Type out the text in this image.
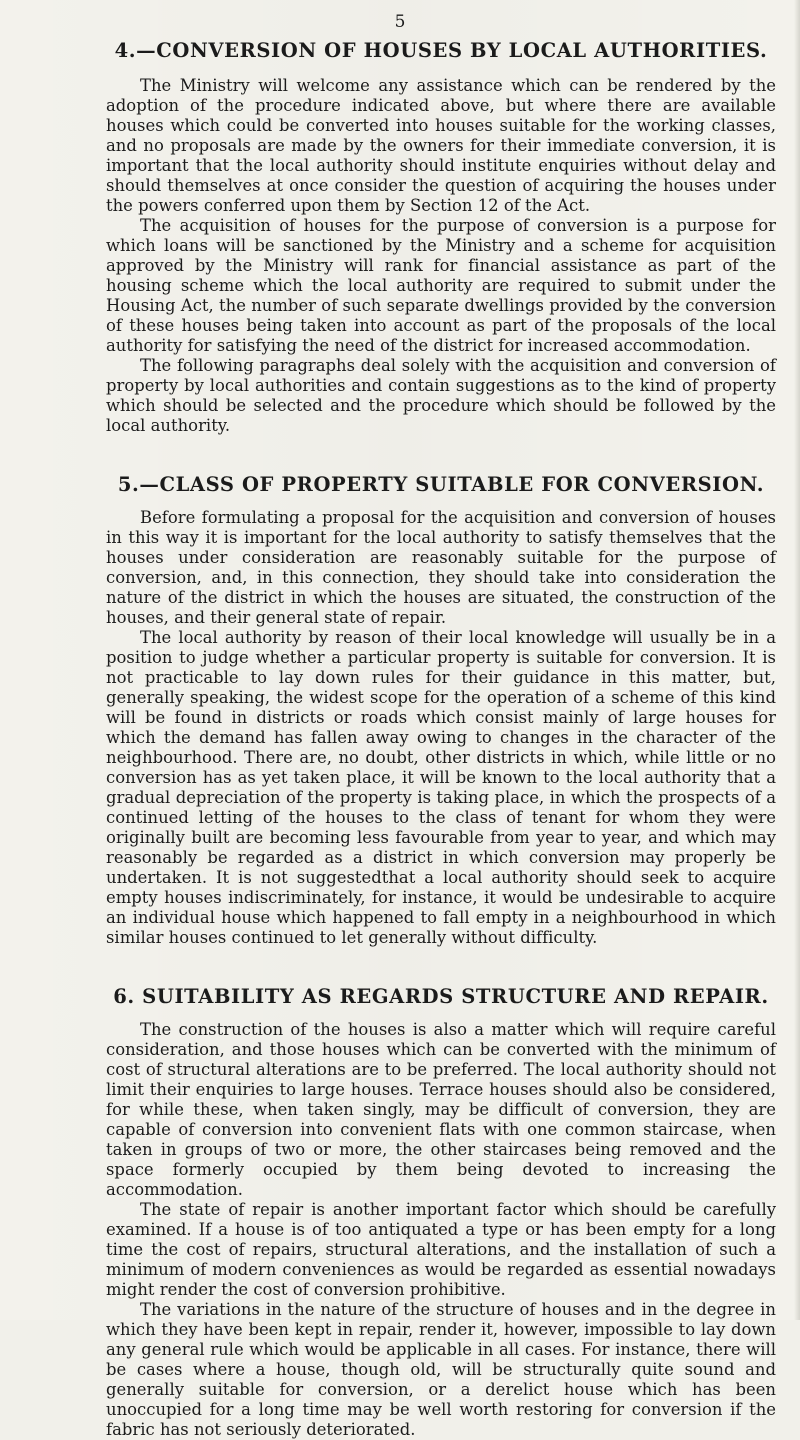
5
4.—CONVERSION OF HOUSES BY LOCAL AUTHORITIES.

The Ministry will welcome any assistance which can be rendered by the adoption of the procedure indicated above, but where there are available houses which could be converted into houses suitable for the working classes, and no proposals are made by the owners for their immediate conversion, it is important that the local authority should institute enquiries without delay and should themselves at once consider the question of acquiring the houses under the powers conferred upon them by Section 12 of the Act.

The acquisition of houses for the purpose of conversion is a purpose for which loans will be sanctioned by the Ministry and a scheme for acquisition approved by the Ministry will rank for financial assistance as part of the housing scheme which the local authority are required to submit under the Housing Act, the number of such separate dwellings provided by the conversion of these houses being taken into account as part of the proposals of the local authority for satisfying the need of the district for increased accommodation.

The following paragraphs deal solely with the acquisition and conversion of property by local authorities and contain suggestions as to the kind of property which should be selected and the procedure which should be followed by the local authority.

5.—CLASS OF PROPERTY SUITABLE FOR CONVERSION.

Before formulating a proposal for the acquisition and conversion of houses in this way it is important for the local authority to satisfy themselves that the houses under consideration are reasonably suitable for the purpose of conversion, and, in this connection, they should take into consideration the nature of the district in which the houses are situated, the construction of the houses, and their general state of repair.

The local authority by reason of their local knowledge will usually be in a position to judge whether a particular property is suitable for conversion. It is not practicable to lay down rules for their guidance in this matter, but, generally speaking, the widest scope for the operation of a scheme of this kind will be found in districts or roads which consist mainly of large houses for which the demand has fallen away owing to changes in the character of the neighbourhood. There are, no doubt, other districts in which, while little or no conversion has as yet taken place, it will be known to the local authority that a gradual depreciation of the property is taking place, in which the prospects of a continued letting of the houses to the class of tenant for whom they were originally built are becoming less favourable from year to year, and which may reasonably be regarded as a district in which conversion may properly be undertaken. It is not suggestedthat a local authority should seek to acquire empty houses indiscriminately, for instance, it would be undesirable to acquire an individual house which happened to fall empty in a neighbourhood in which similar houses continued to let generally without difficulty.

6. SUITABILITY AS REGARDS STRUCTURE AND REPAIR.

The construction of the houses is also a matter which will require careful consideration, and those houses which can be converted with the minimum of cost of structural alterations are to be preferred. The local authority should not limit their enquiries to large houses. Terrace houses should also be considered, for while these, when taken singly, may be difficult of conversion, they are capable of conversion into convenient flats with one common staircase, when taken in groups of two or more, the other staircases being removed and the space formerly occupied by them being devoted to increasing the accommodation.

The state of repair is another important factor which should be carefully examined. If a house is of too antiquated a type or has been empty for a long time the cost of repairs, structural alterations, and the installation of such a minimum of modern conveniences as would be regarded as essential nowadays might render the cost of conversion prohibitive.

The variations in the nature of the structure of houses and in the degree in which they have been kept in repair, render it, however, impossible to lay down any general rule which would be applicable in all cases. For instance, there will be cases where a house, though old, will be structurally quite sound and generally suitable for conversion, or a derelict house which has been unoccupied for a long time may be well worth restoring for conversion if the fabric has not seriously deteriorated.
